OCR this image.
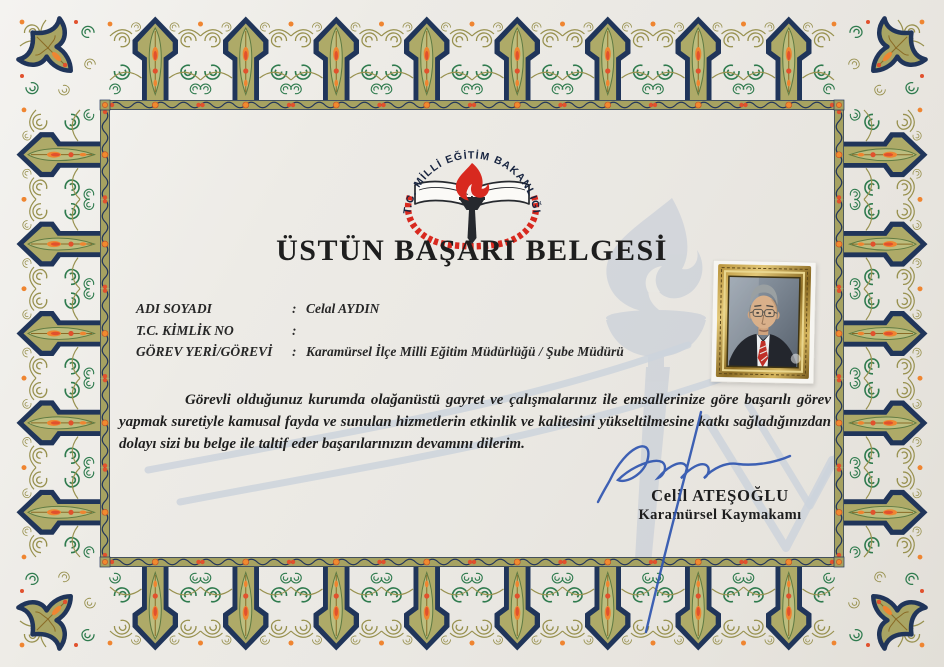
T.C. MİLLİ EĞİTİM BAKANLIĞI
ÜSTÜN BAŞARI BELGESİ
ADI SOYADI	: Celal AYDIN
T.C. KİMLİK NO	:
GÖREV YERİ/GÖREVİ	: Karamürsel İlçe Milli Eğitim Müdürlüğü / Şube Müdürü

Görevli olduğunuz kurumda olağanüstü gayret ve çalışmalarınız ile emsallerinize göre başarılı görev yapmak suretiyle kamusal fayda ve sunulan hizmetlerin etkinlik ve kalitesini yükseltilmesine katkı sağladığınızdan dolayı sizi bu belge ile taltif eder başarılarınızın devamını dilerim.

Celil ATEŞOĞLU
Karamürsel Kaymakamı
